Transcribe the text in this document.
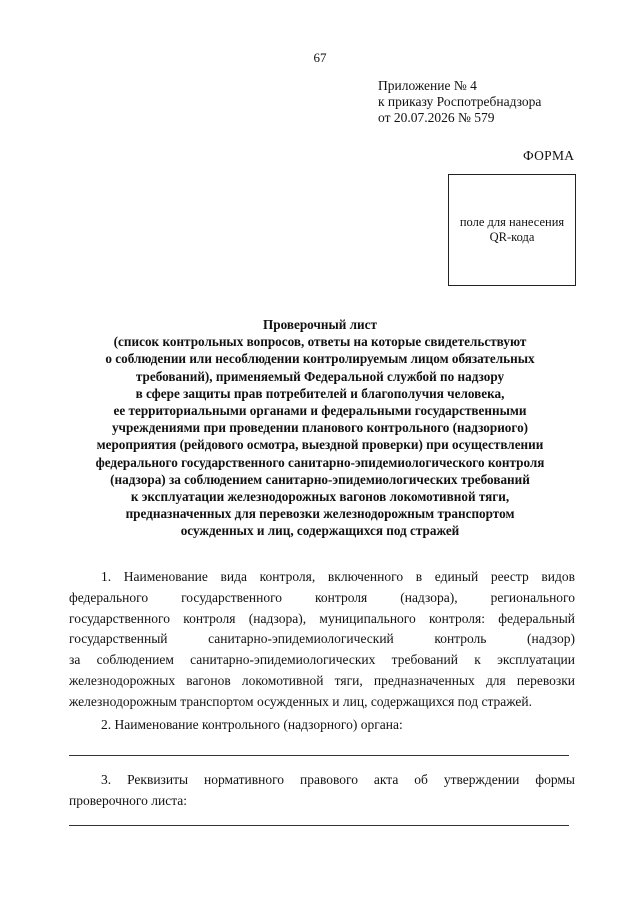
67
Приложение № 4
к приказу Роспотребнадзора
от 20.07.2026 № 579
ФОРМА
поле для нанесения
QR-кода
Проверочный лист
(список контрольных вопросов, ответы на которые свидетельствуют
о соблюдении или несоблюдении контролируемым лицом обязательных
требований), применяемый Федеральной службой по надзору
в сфере защиты прав потребителей и благополучия человека,
ее территориальными органами и федеральными государственными
учреждениями при проведении планового контрольного (надзориого)
мероприятия (рейдового осмотра, выездной проверки) при осуществлении
федерального государственного санитарно-эпидемиологического контроля
(надзора) за соблюдением санитарно-эпидемиологических требований
к эксплуатации железнодорожных вагонов локомотивной тяги,
предназначенных для перевозки железнодорожным транспортом
осужденных и лиц, содержащихся под стражей
1. Наименование вида контроля, включенного в единый реестр видов
федерального государственного контроля (надзора), регионального
государственного контроля (надзора), муниципального контроля: федеральный
государственный санитарно-эпидемиологический контроль (надзор)
за соблюдением санитарно-эпидемиологических требований к эксплуатации
железнодорожных вагонов локомотивной тяги, предназначенных для перевозки
железнодорожным транспортом осужденных и лиц, содержащихся под стражей.
2. Наименование контрольного (надзорного) органа:
3. Реквизиты нормативного правового акта об утверждении формы
проверочного листа:
